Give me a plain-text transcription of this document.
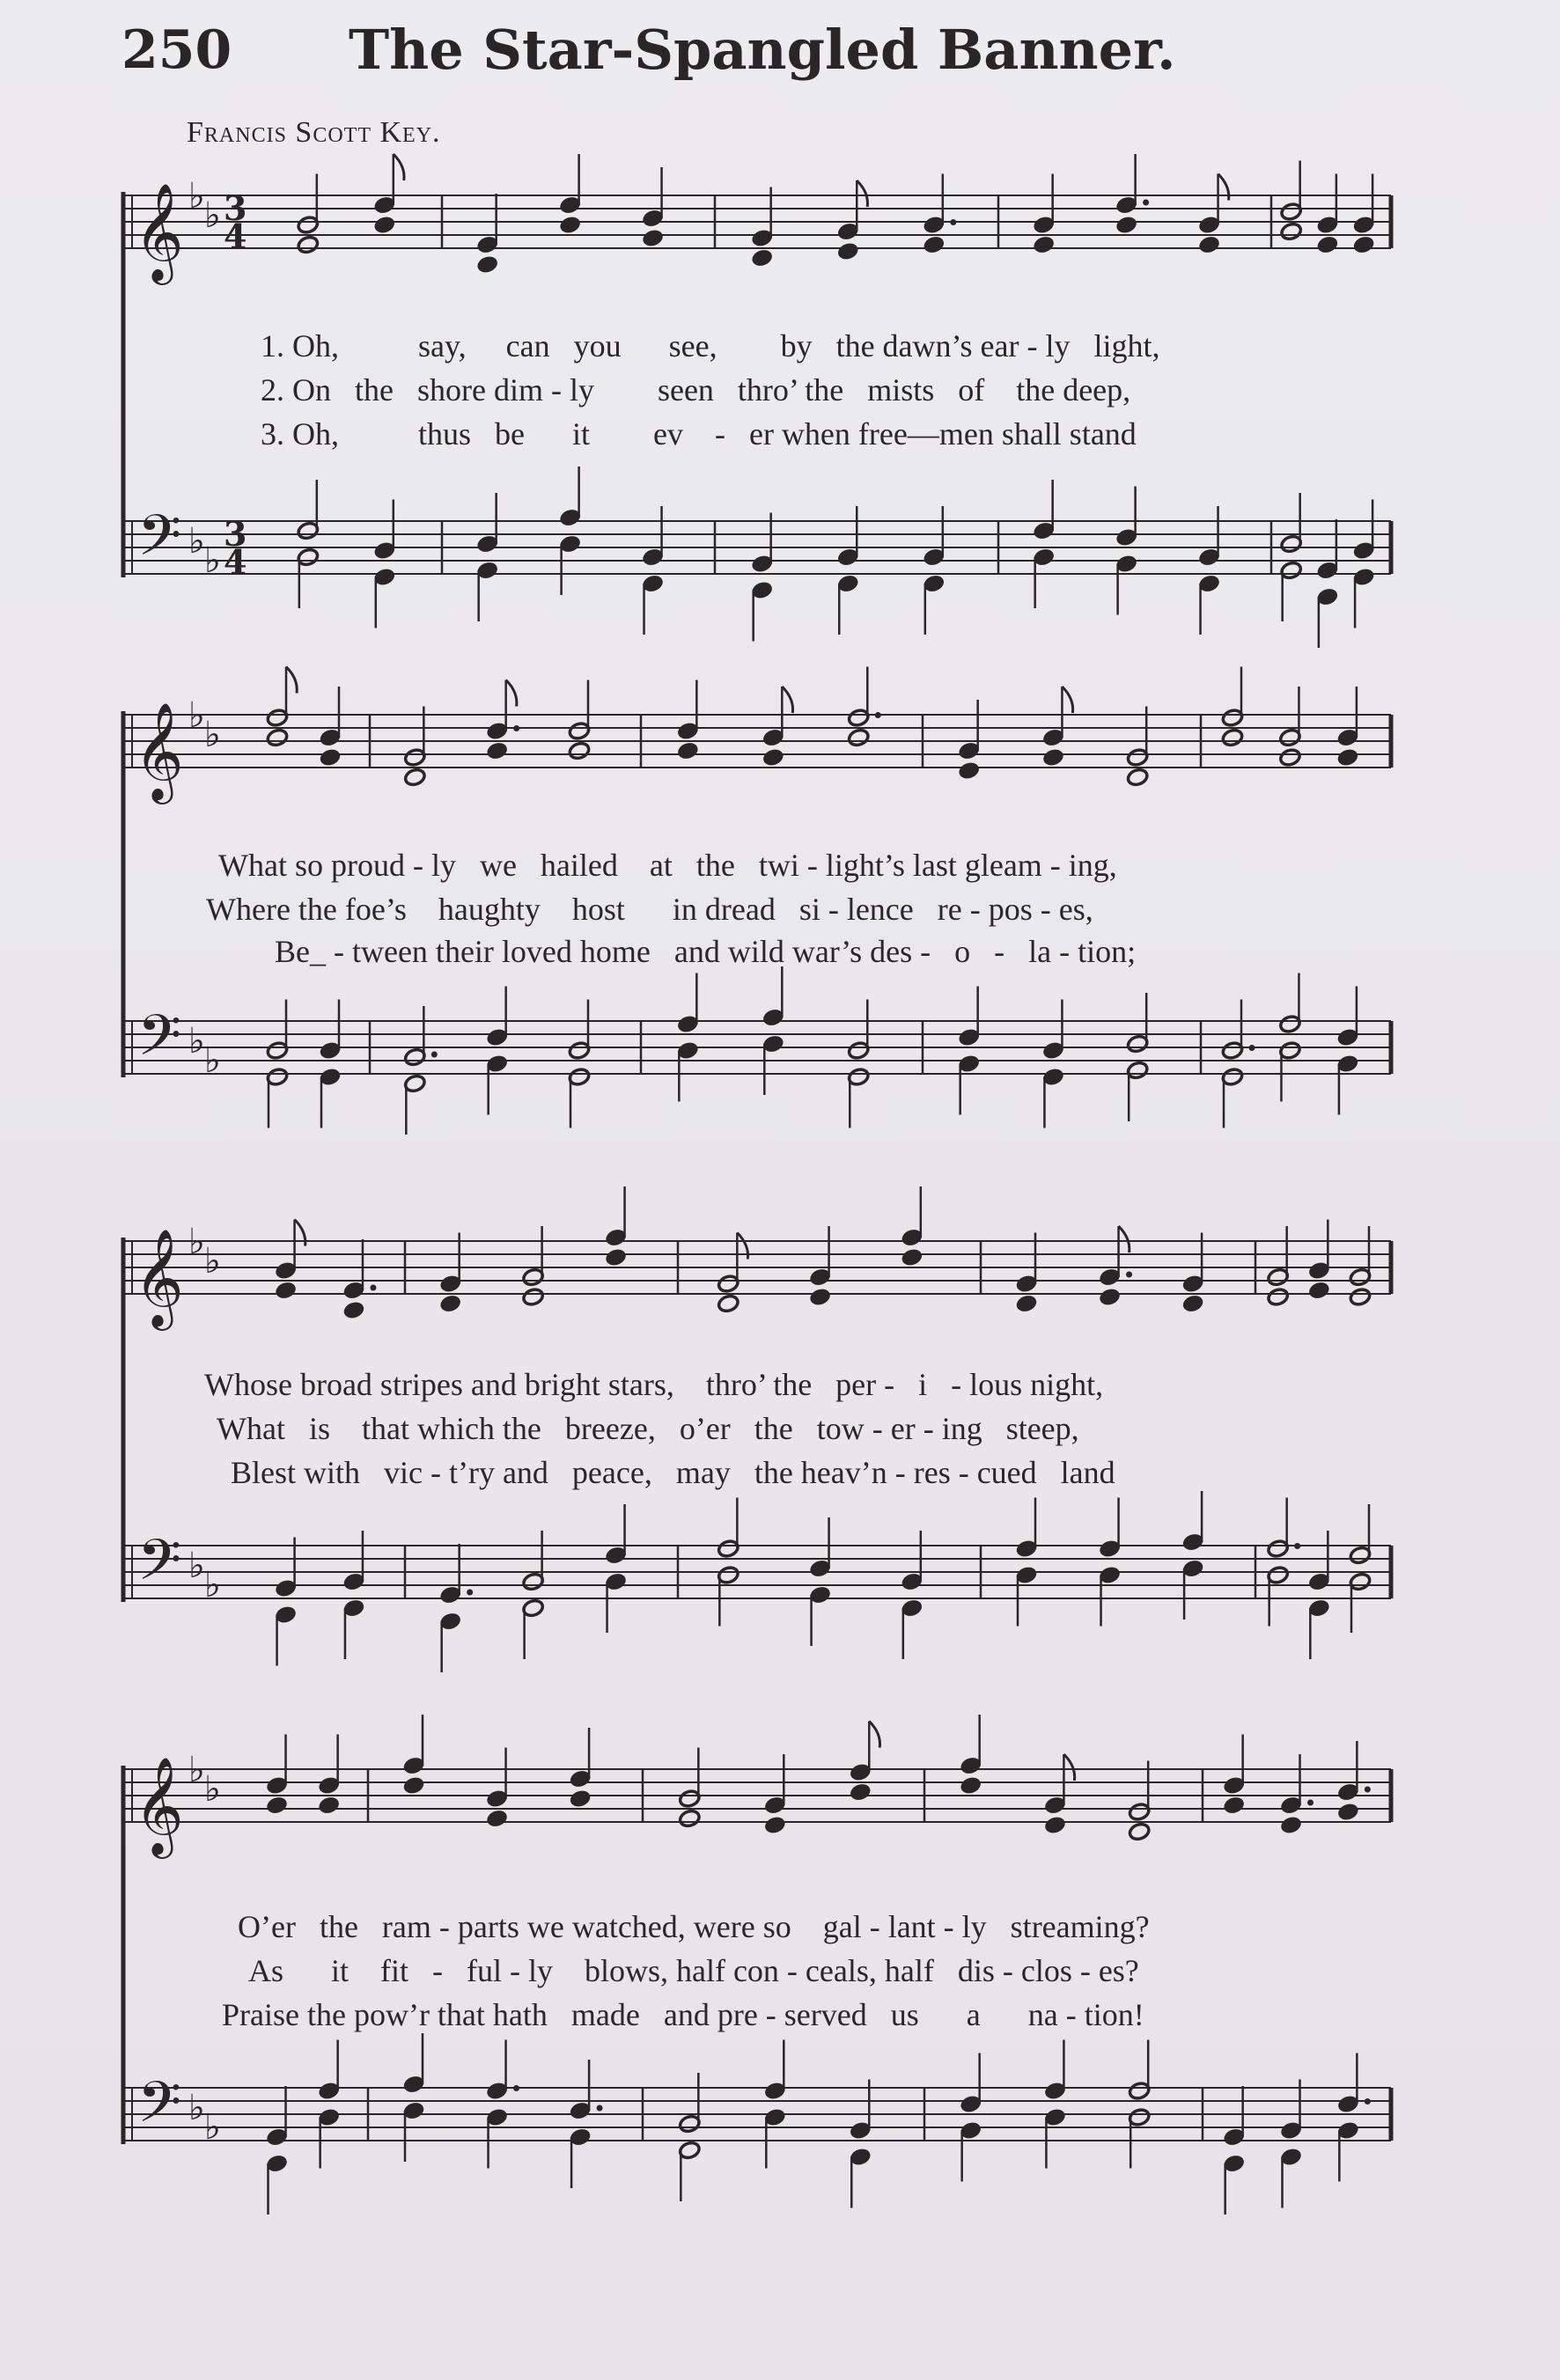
250 The Star-Spangled Banner.
Francis Scott Key.
𝄞
𝄢
♭ ♭
♭ ♭
3
4
3
4
1. Oh,    say,  can  you   see,    by  the dawn’s ear - ly  light,
2. On  the  shore dim - ly    seen  thro’ the  mists  of   the deep,
3. Oh,    thus  be    it    ev   -  er when free—men shall stand
𝄞
𝄢
♭ ♭
♭ ♭
What so proud - ly  we  hailed   at  the  twi - light’s last gleam - ing,
Where the foe’s   haughty   host    in dread  si - lence  re - pos - es,
Be_ - tween their loved home  and wild war’s des -  o  -  la - tion;
𝄞
𝄢
♭ ♭
♭ ♭
Whose broad stripes and bright stars,   thro’ the  per -  i  - lous night,
What  is   that which the  breeze,  o’er  the  tow - er - ing  steep,
Blest with  vic - t’ry and  peace,  may  the heav’n - res - cued  land
𝄞
𝄢
♭ ♭
♭ ♭
O’er  the  ram - parts we watched, were so   gal - lant - ly  streaming?
As    it   fit  -  ful - ly   blows, half con - ceals, half  dis - clos - es?
Praise the pow’r that hath  made  and pre - served  us    a    na - tion!
